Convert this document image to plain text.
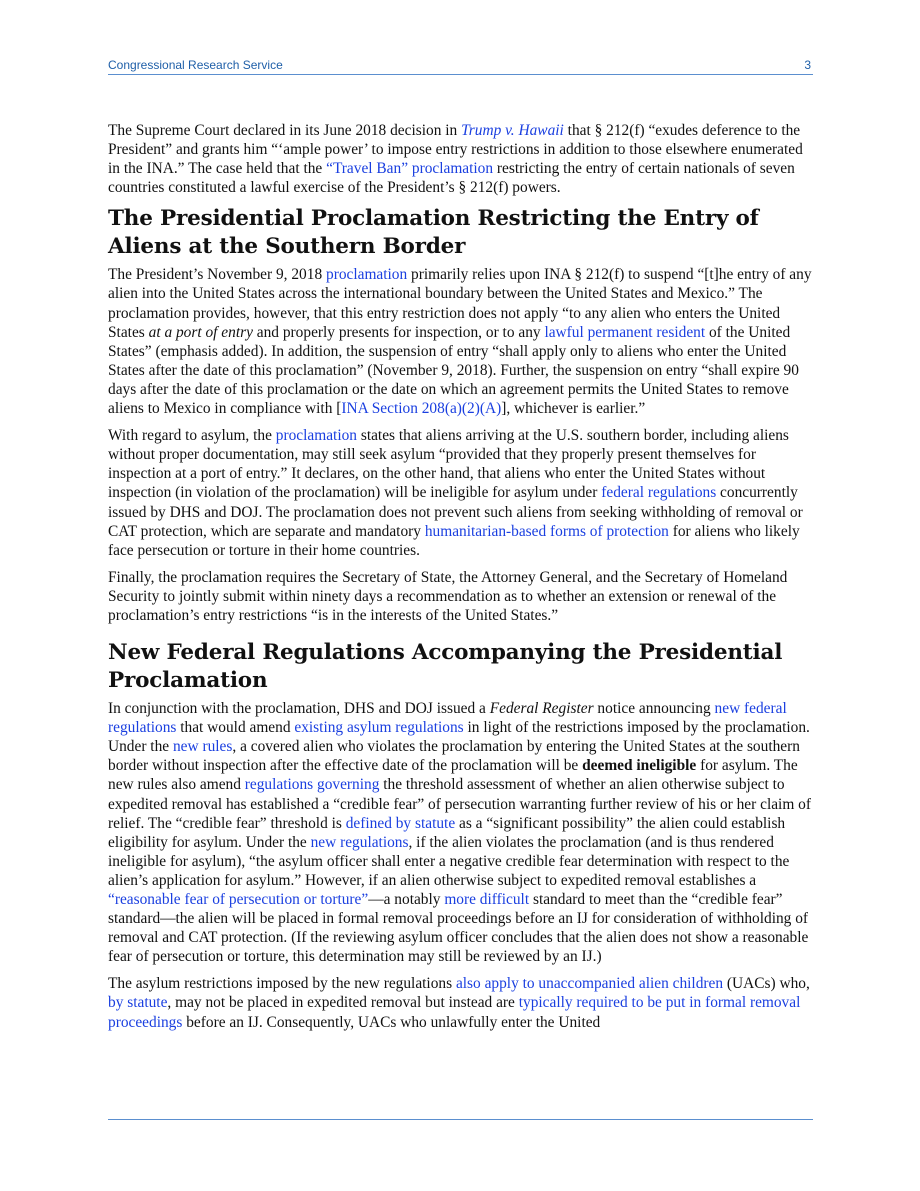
Congressional Research Service	3

The Supreme Court declared in its June 2018 decision in Trump v. Hawaii that § 212(f) “exudes deference to the President” and grants him “‘ample power’ to impose entry restrictions in addition to those elsewhere enumerated in the INA.” The case held that the “Travel Ban” proclamation restricting the entry of certain nationals of seven countries constituted a lawful exercise of the President’s § 212(f) powers.

The Presidential Proclamation Restricting the Entry of Aliens at the Southern Border

The President’s November 9, 2018 proclamation primarily relies upon INA § 212(f) to suspend “[t]he entry of any alien into the United States across the international boundary between the United States and Mexico.” The proclamation provides, however, that this entry restriction does not apply “to any alien who enters the United States at a port of entry and properly presents for inspection, or to any lawful permanent resident of the United States” (emphasis added). In addition, the suspension of entry “shall apply only to aliens who enter the United States after the date of this proclamation” (November 9, 2018). Further, the suspension on entry “shall expire 90 days after the date of this proclamation or the date on which an agreement permits the United States to remove aliens to Mexico in compliance with [INA Section 208(a)(2)(A)], whichever is earlier.”

With regard to asylum, the proclamation states that aliens arriving at the U.S. southern border, including aliens without proper documentation, may still seek asylum “provided that they properly present themselves for inspection at a port of entry.” It declares, on the other hand, that aliens who enter the United States without inspection (in violation of the proclamation) will be ineligible for asylum under federal regulations concurrently issued by DHS and DOJ. The proclamation does not prevent such aliens from seeking withholding of removal or CAT protection, which are separate and mandatory humanitarian-based forms of protection for aliens who likely face persecution or torture in their home countries.

Finally, the proclamation requires the Secretary of State, the Attorney General, and the Secretary of Homeland Security to jointly submit within ninety days a recommendation as to whether an extension or renewal of the proclamation’s entry restrictions “is in the interests of the United States.”

New Federal Regulations Accompanying the Presidential Proclamation

In conjunction with the proclamation, DHS and DOJ issued a Federal Register notice announcing new federal regulations that would amend existing asylum regulations in light of the restrictions imposed by the proclamation. Under the new rules, a covered alien who violates the proclamation by entering the United States at the southern border without inspection after the effective date of the proclamation will be deemed ineligible for asylum. The new rules also amend regulations governing the threshold assessment of whether an alien otherwise subject to expedited removal has established a “credible fear” of persecution warranting further review of his or her claim of relief. The “credible fear” threshold is defined by statute as a “significant possibility” the alien could establish eligibility for asylum. Under the new regulations, if the alien violates the proclamation (and is thus rendered ineligible for asylum), “the asylum officer shall enter a negative credible fear determination with respect to the alien’s application for asylum.” However, if an alien otherwise subject to expedited removal establishes a “reasonable fear of persecution or torture”—a notably more difficult standard to meet than the “credible fear” standard—the alien will be placed in formal removal proceedings before an IJ for consideration of withholding of removal and CAT protection. (If the reviewing asylum officer concludes that the alien does not show a reasonable fear of persecution or torture, this determination may still be reviewed by an IJ.)

The asylum restrictions imposed by the new regulations also apply to unaccompanied alien children (UACs) who, by statute, may not be placed in expedited removal but instead are typically required to be put in formal removal proceedings before an IJ. Consequently, UACs who unlawfully enter the United
